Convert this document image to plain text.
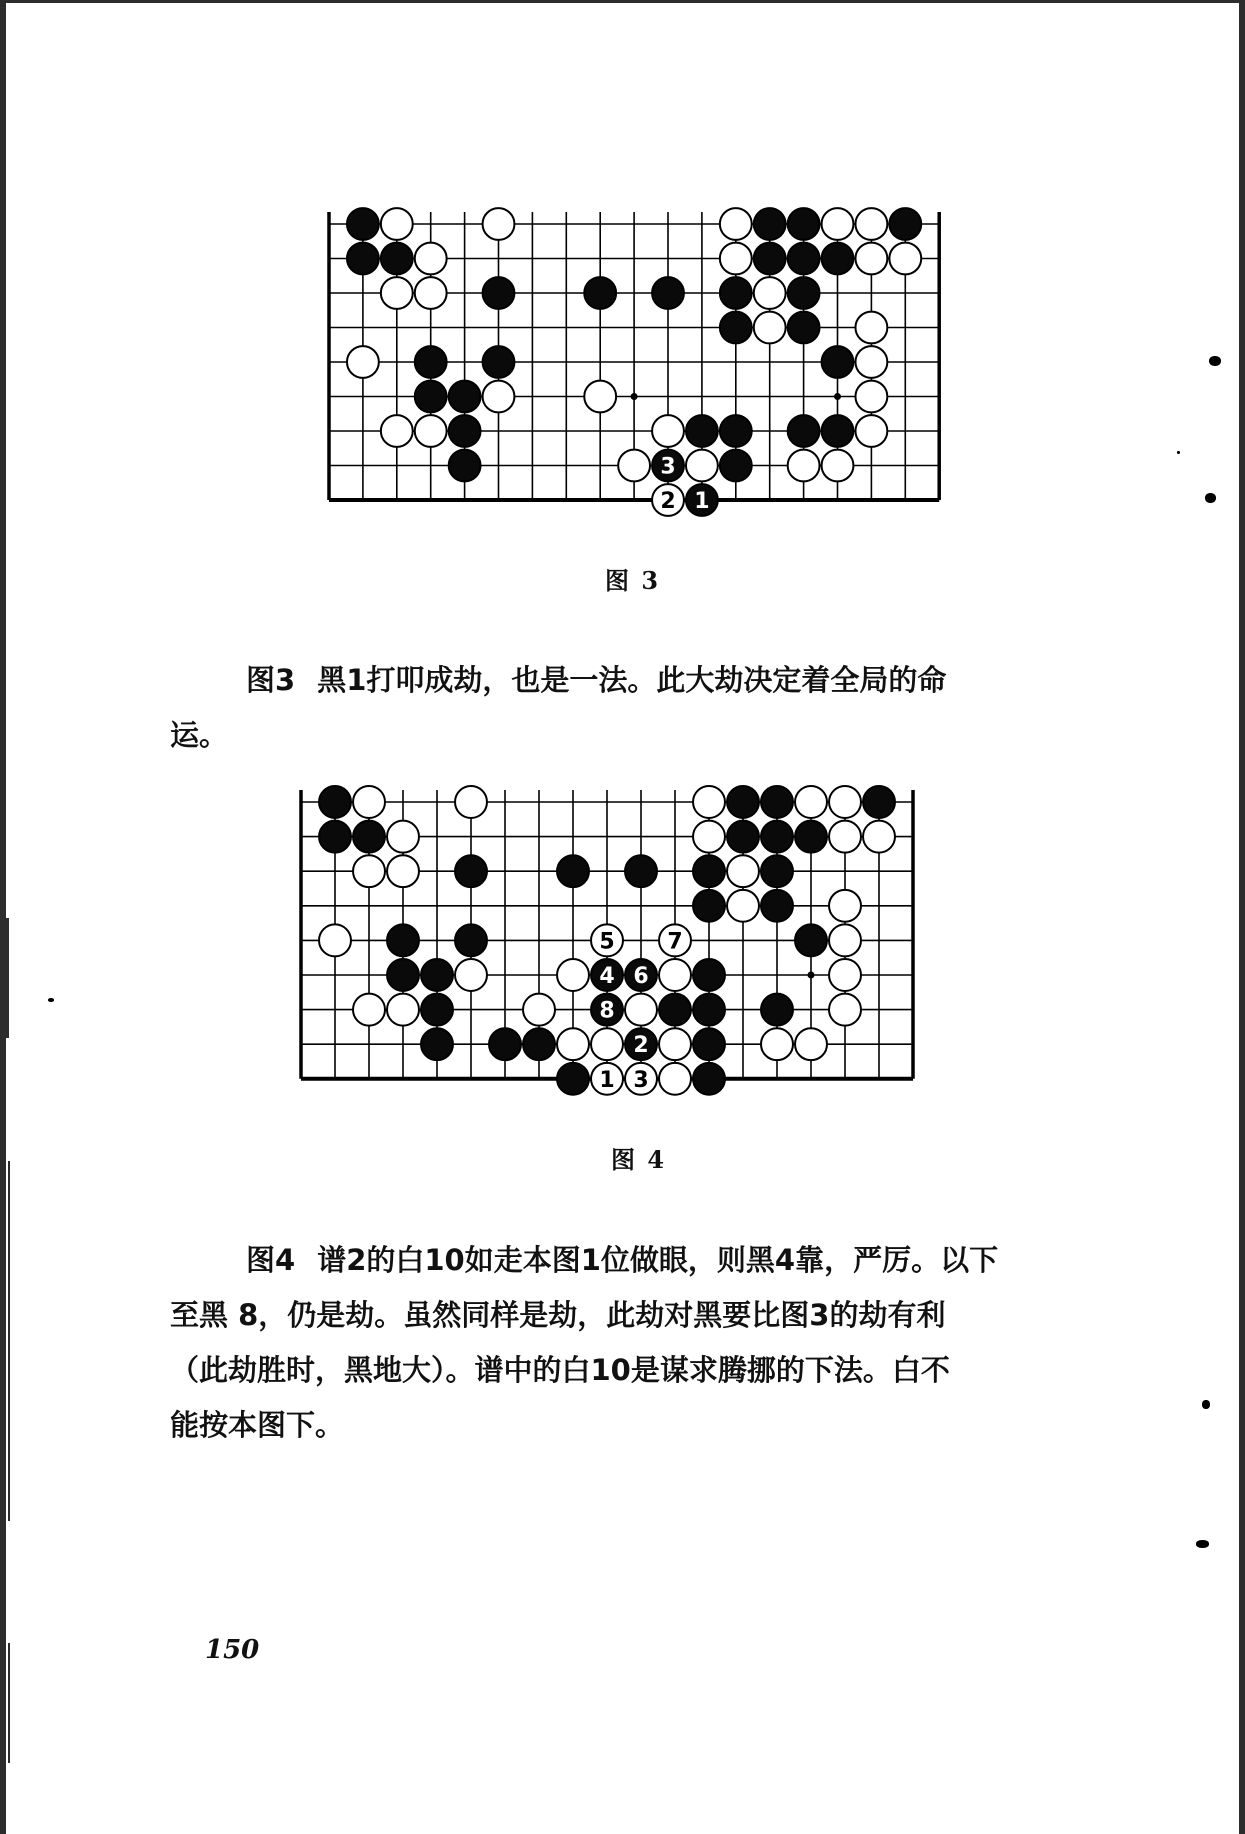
3
2 1
图 3
图3 黑1打叩成劫，也是一法。此大劫决定着全局的命
运。
5 7
4 6
8
2
1 3
图 4
图4 谱2的白10如走本图1位做眼，则黑4靠，严厉。以下
至黑 8，仍是劫。虽然同样是劫，此劫对黑要比图3的劫有利
（此劫胜时，黑地大）。谱中的白10是谋求腾挪的下法。白不
能按本图下。
150
